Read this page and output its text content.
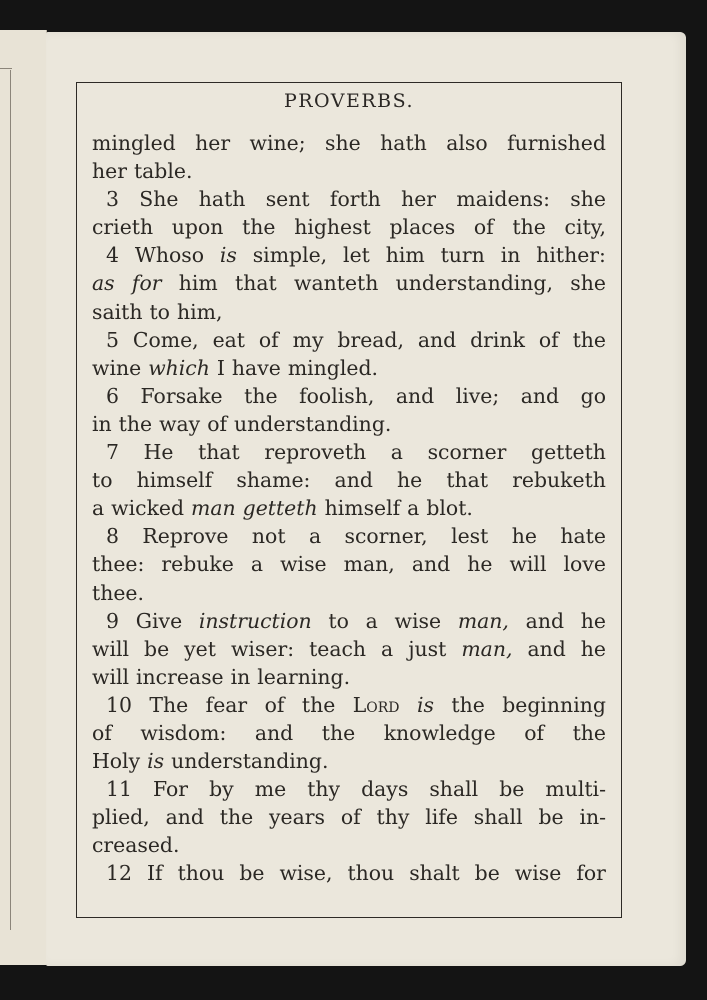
PROVERBS.
mingled her wine; she hath also furnished
her table.
3 She hath sent forth her maidens: she
crieth upon the highest places of the city,
4 Whoso is simple, let him turn in hither:
as for him that wanteth understanding, she
saith to him,
5 Come, eat of my bread, and drink of the
wine which I have mingled.
6 Forsake the foolish, and live; and go
in the way of understanding.
7 He that reproveth a scorner getteth
to himself shame: and he that rebuketh
a wicked man getteth himself a blot.
8 Reprove not a scorner, lest he hate
thee: rebuke a wise man, and he will love
thee.
9 Give instruction to a wise man, and he
will be yet wiser: teach a just man, and he
will increase in learning.
10 The fear of the Lord is the beginning
of wisdom: and the knowledge of the
Holy is understanding.
11 For by me thy days shall be multi-
plied, and the years of thy life shall be in-
creased.
12 If thou be wise, thou shalt be wise for
